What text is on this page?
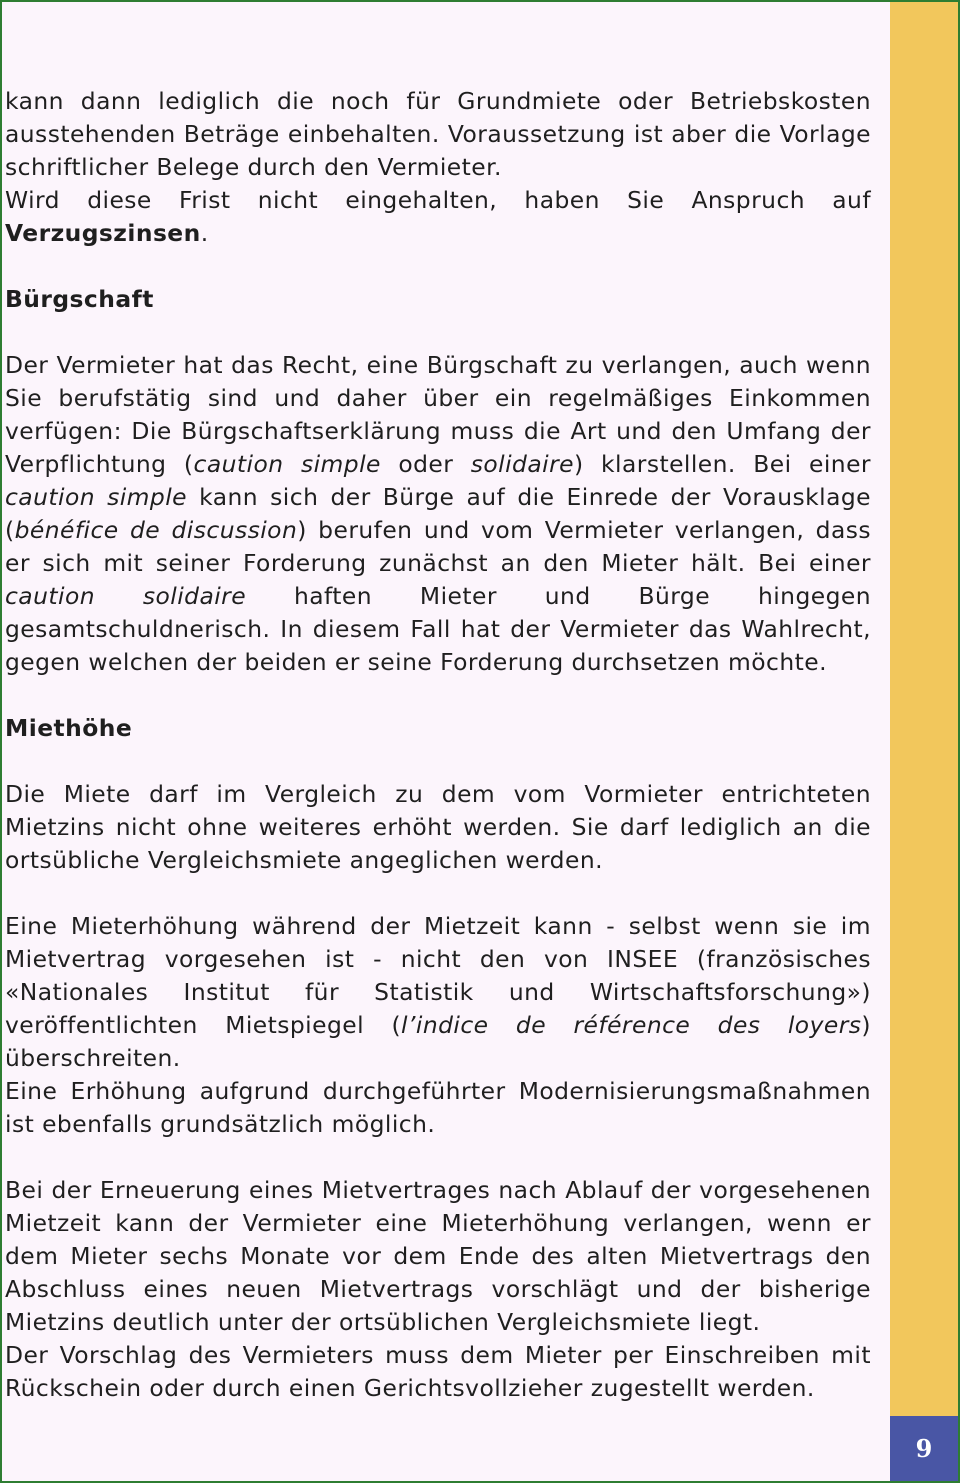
9

kann dann lediglich die noch für Grundmiete oder Betriebskosten ausstehenden Beträge einbehalten. Voraussetzung ist aber die Vorlage schriftlicher Belege durch den Vermieter.

Wird diese Frist nicht eingehalten, haben Sie Anspruch auf Verzugszinsen.

Bürgschaft

Der Vermieter hat das Recht, eine Bürgschaft zu verlangen, auch wenn Sie berufstätig sind und daher über ein regelmäßiges Einkommen verfügen: Die Bürgschaftserklärung muss die Art und den Umfang der Verpflichtung (caution simple oder solidaire) klarstellen. Bei einer caution simple kann sich der Bürge auf die Einrede der Vorausklage (bénéfice de discussion) berufen und vom Vermieter verlangen, dass er sich mit seiner Forderung zunächst an den Mieter hält. Bei einer caution solidaire haften Mieter und Bürge hingegen gesamtschuldnerisch. In diesem Fall hat der Vermieter das Wahlrecht, gegen welchen der beiden er seine Forderung durchsetzen möchte.

Miethöhe

Die Miete darf im Vergleich zu dem vom Vormieter entrichteten Mietzins nicht ohne weiteres erhöht werden. Sie darf lediglich an die ortsübliche Vergleichsmiete angeglichen werden.

Eine Mieterhöhung während der Mietzeit kann - selbst wenn sie im Mietvertrag vorgesehen ist - nicht den von INSEE (französisches «Nationales Institut für Statistik und Wirtschaftsforschung») veröffentlichten Mietspiegel (l’indice de référence des loyers) überschreiten.

Eine Erhöhung aufgrund durchgeführter Modernisierungsmaßnahmen ist ebenfalls grundsätzlich möglich.

Bei der Erneuerung eines Mietvertrages nach Ablauf der vorgesehenen Mietzeit kann der Vermieter eine Mieterhöhung verlangen, wenn er dem Mieter sechs Monate vor dem Ende des alten Mietvertrags den Abschluss eines neuen Mietvertrags vorschlägt und der bisherige Mietzins deutlich unter der ortsüblichen Vergleichsmiete liegt.

Der Vorschlag des Vermieters muss dem Mieter per Einschreiben mit Rückschein oder durch einen Gerichtsvollzieher zugestellt werden.
